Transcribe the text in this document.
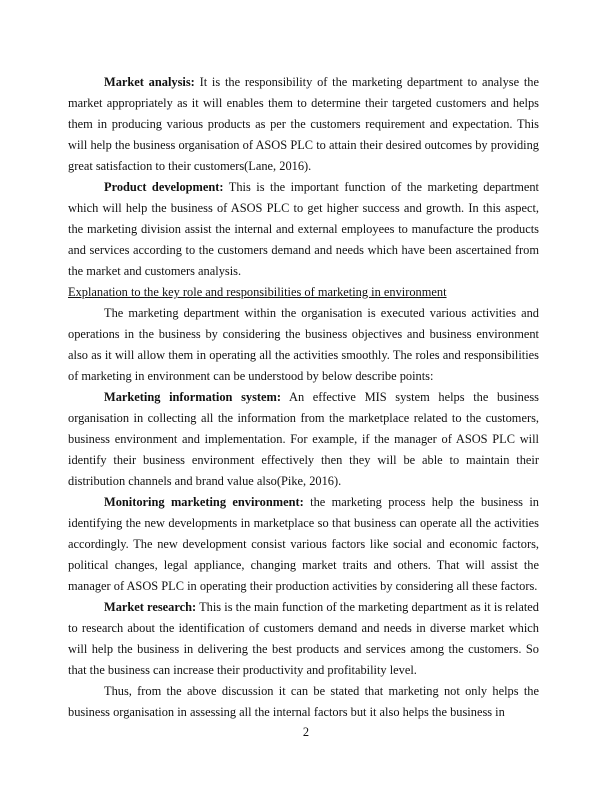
Market analysis: It is the responsibility of the marketing department to analyse the market appropriately as it will enables them to determine their targeted customers and helps them in producing various products as per the customers requirement and expectation. This will help the business organisation of ASOS PLC to attain their desired outcomes by providing great satisfaction to their customers(Lane, 2016).

Product development: This is the important function of the marketing department which will help the business of ASOS PLC to get higher success and growth. In this aspect, the marketing division assist the internal and external employees to manufacture the products and services according to the customers demand and needs which have been ascertained from the market and customers analysis.

Explanation to the key role and responsibilities of marketing in environment

The marketing department within the organisation is executed various activities and operations in the business by considering the business objectives and business environment also as it will allow them in operating all the activities smoothly. The roles and responsibilities of marketing in environment can be understood by below describe points:

Marketing information system: An effective MIS system helps the business organisation in collecting all the information from the marketplace related to the customers, business environment and implementation. For example, if the manager of ASOS PLC will identify their business environment effectively then they will be able to maintain their distribution channels and brand value also(Pike, 2016).

Monitoring marketing environment: the marketing process help the business in identifying the new developments in marketplace so that business can operate all the activities accordingly. The new development consist various factors like social and economic factors, political changes, legal appliance, changing market traits and others. That will assist the manager of ASOS PLC in operating their production activities by considering all these factors.

Market research: This is the main function of the marketing department as it is related to research about the identification of customers demand and needs in diverse market which will help the business in delivering the best products and services among the customers. So that the business can increase their productivity and profitability level.

Thus, from the above discussion it can be stated that marketing not only helps the business organisation in assessing all the internal factors but it also helps the business in

2
